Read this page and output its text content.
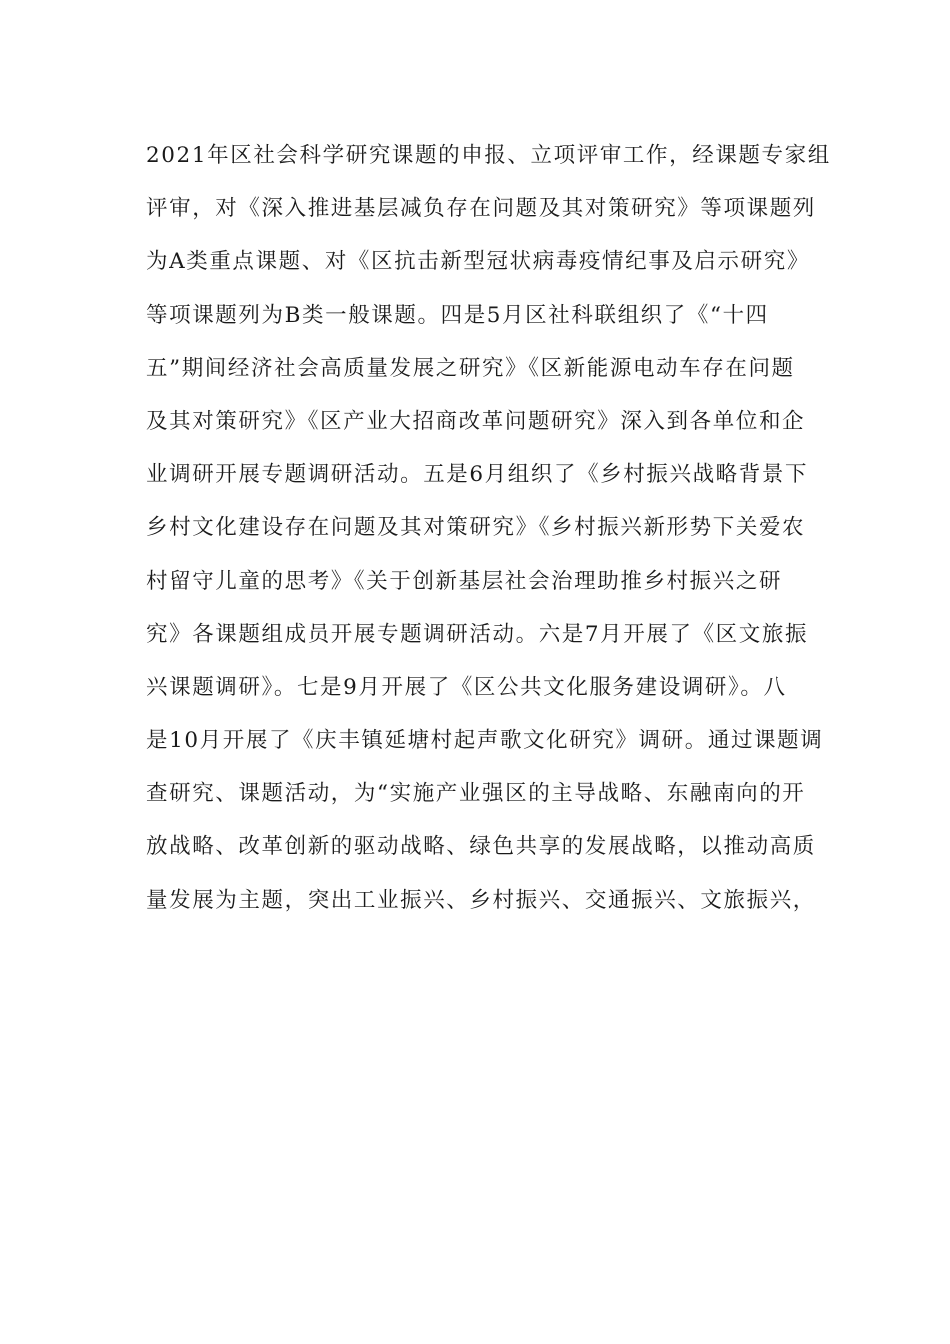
2021年区社会科学研究课题的申报、立项评审工作，经课题专家组
评审，对《深入推进基层减负存在问题及其对策研究》等项课题列
为A类重点课题、对《区抗击新型冠状病毒疫情纪事及启示研究》
等项课题列为B类一般课题。四是5月区社科联组织了《“十四
五”期间经济社会高质量发展之研究》《区新能源电动车存在问题
及其对策研究》《区产业大招商改革问题研究》深入到各单位和企
业调研开展专题调研活动。五是6月组织了《乡村振兴战略背景下
乡村文化建设存在问题及其对策研究》《乡村振兴新形势下关爱农
村留守儿童的思考》《关于创新基层社会治理助推乡村振兴之研
究》各课题组成员开展专题调研活动。六是7月开展了《区文旅振
兴课题调研》。七是9月开展了《区公共文化服务建设调研》。八
是10月开展了《庆丰镇延塘村起声歌文化研究》调研。通过课题调
查研究、课题活动，为“实施产业强区的主导战略、东融南向的开
放战略、改革创新的驱动战略、绿色共享的发展战略，以推动高质
量发展为主题，突出工业振兴、乡村振兴、交通振兴、文旅振兴，
